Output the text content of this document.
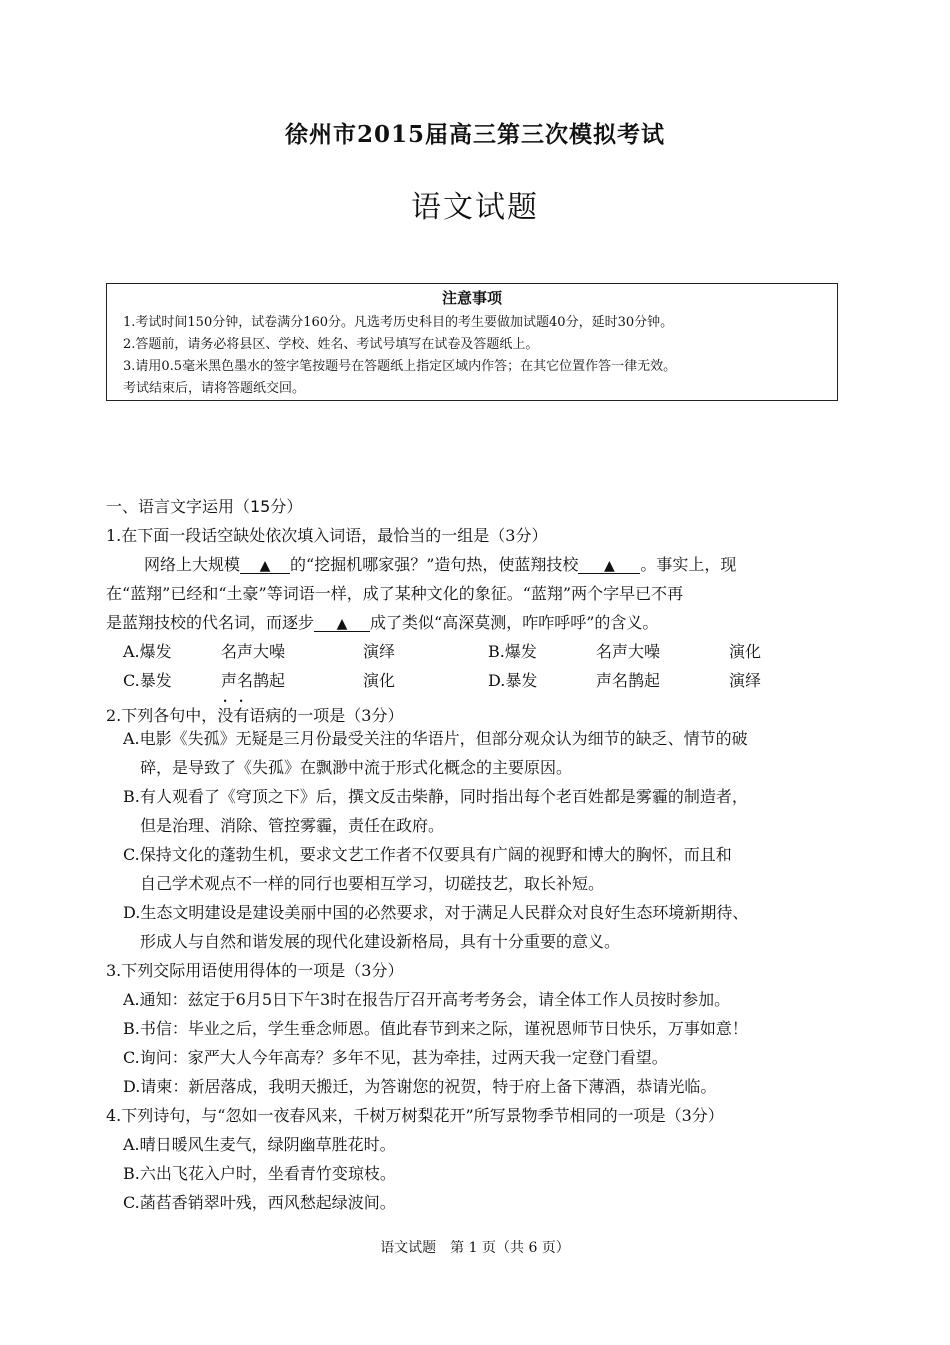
徐州市2015届高三第三次模拟考试
语文试题
注意事项
1.考试时间150分钟，试卷满分160分。凡选考历史科目的考生要做加试题40分，延时30分钟。
2.答题前，请务必将县区、学校、姓名、考试号填写在试卷及答题纸上。
3.请用0.5毫米黑色墨水的签字笔按题号在答题纸上指定区域内作答；在其它位置作答一律无效。
考试结束后，请将答题纸交回。
一、语言文字运用（15分）
1.在下面一段话空缺处依次填入词语，最恰当的一组是（3分）
网络上大规模 ▲ 的“挖掘机哪家强？”造句热，使蓝翔技校 ▲ 。事实上，现
在“蓝翔”已经和“土豪”等词语一样，成了某种文化的象征。“蓝翔”两个字早已不再
是蓝翔技校的代名词，而逐步 ▲ 成了类似“高深莫测，咋咋呼呼”的含义。
A.爆发	名声大噪	演绎	B.爆发	名声大噪	演化
C.暴发	声名鹊起	演化	D.暴发	声名鹊起	演绎
2.下列各句中，没有语病的一项是（3分）
A.电影《失孤》无疑是三月份最受关注的华语片，但部分观众认为细节的缺乏、情节的破
碎，是导致了《失孤》在飘渺中流于形式化概念的主要原因。
B.有人观看了《穹顶之下》后，撰文反击柴静，同时指出每个老百姓都是雾霾的制造者，
但是治理、消除、管控雾霾，责任在政府。
C.保持文化的蓬勃生机，要求文艺工作者不仅要具有广阔的视野和博大的胸怀，而且和
自己学术观点不一样的同行也要相互学习，切磋技艺，取长补短。
D.生态文明建设是建设美丽中国的必然要求，对于满足人民群众对良好生态环境新期待、
形成人与自然和谐发展的现代化建设新格局，具有十分重要的意义。
3.下列交际用语使用得体的一项是（3分）
A.通知：兹定于6月5日下午3时在报告厅召开高考考务会，请全体工作人员按时参加。
B.书信：毕业之后，学生垂念师恩。值此春节到来之际，谨祝恩师节日快乐，万事如意！
C.询问：家严大人今年高寿？多年不见，甚为牵挂，过两天我一定登门看望。
D.请柬：新居落成，我明天搬迁，为答谢您的祝贺，特于府上备下薄酒，恭请光临。
4.下列诗句，与“忽如一夜春风来，千树万树梨花开”所写景物季节相同的一项是（3分）
A.晴日暖风生麦气，绿阴幽草胜花时。
B.六出飞花入户时，坐看青竹变琼枝。
C.菡萏香销翠叶残，西风愁起绿波间。
语文试题　第 1 页（共 6 页）
